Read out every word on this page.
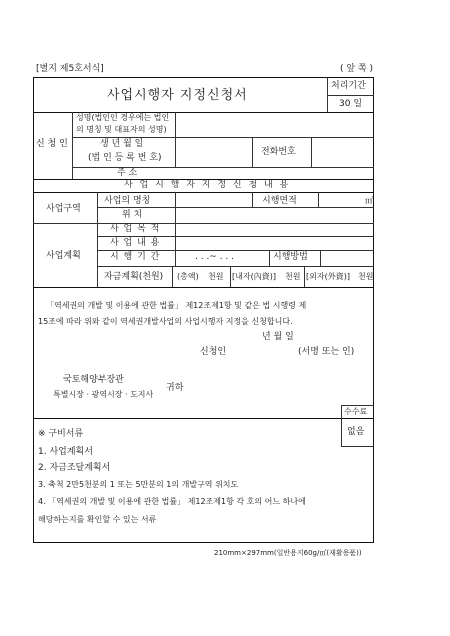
[별지 제5호서식]	( 앞 쪽 )
사업시행자 지정신청서
처리기간
30 일
신 청 인
성명(법인인 경우에는 법인
의 명칭 및 대표자의 성명)
생 년 월 일
(법 인 등 록 번 호)
전화번호
주 소
사 업 시 행 자 지 정 신 청 내 용
사업구역
사업의 명칭	시행면적	㎡
위 치
사업계획
사 업 목 적
사 업 내 용
시 행 기 간	. . .~ . . .	시행방법
자금계획(천원) (총액) 천원 [내자(內資)] 천원 [외자(外資)] 천원
「역세권의 개발 및 이용에 관한 법률」 제12조제1항 및 같은 법 시행령 제
15조에 따라 위와 같이 역세권개발사업의 사업시행자 지정을 신청합니다.
년 월 일
신청인	(서명 또는 인)
국토해양부장관
특별시장 · 광역시장 · 도지사
귀하
수수료
없음
※ 구비서류
1. 사업계획서
2. 자금조달계획서
3. 축척 2만5천분의 1 또는 5만분의 1의 개발구역 위치도
4. 「역세권의 개발 및 이용에 관한 법률」 제12조제1항 각 호의 어느 하나에
해당하는지를 확인할 수 있는 서류
210mm×297mm(일반용지60g/㎡(재활용품))
